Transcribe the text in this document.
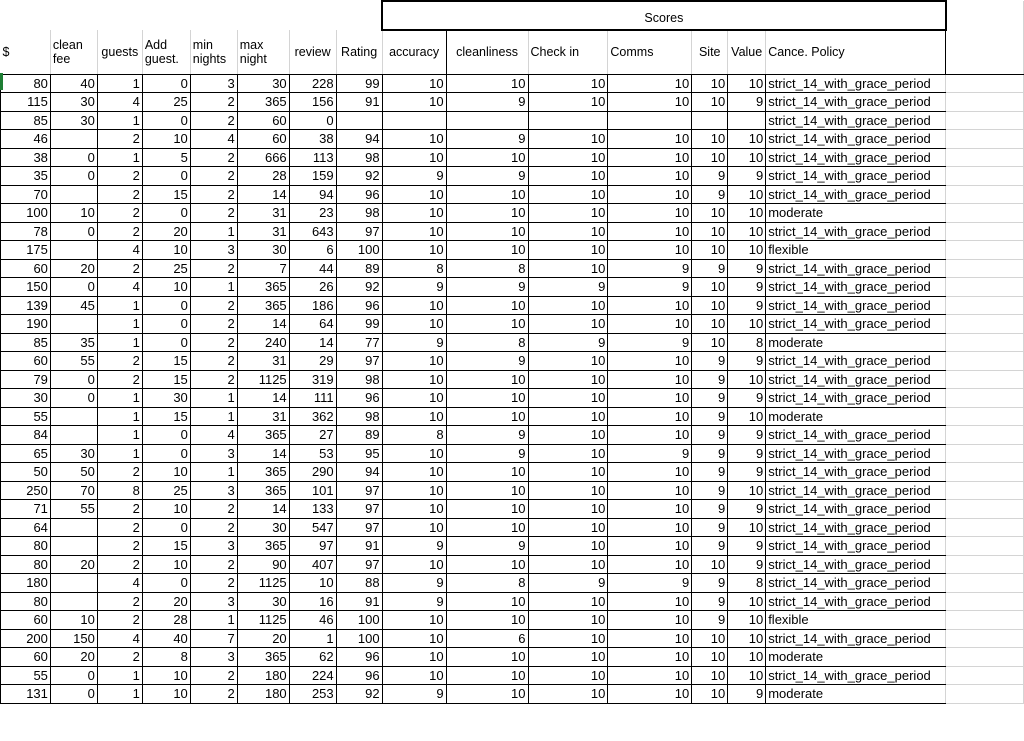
								Scores							
$	clean fee	guests	Add guest.	min nights	max night	review	Rating	accuracy	cleanliness	Check in	Comms	Site	Value	Cance. Policy	
80	40	1	0	3	30	228	99	10	10	10	10	10	10	strict_14_with_grace_period	
115	30	4	25	2	365	156	91	10	9	10	10	10	9	strict_14_with_grace_period	
85	30	1	0	2	60	0								strict_14_with_grace_period	
46		2	10	4	60	38	94	10	9	10	10	10	10	strict_14_with_grace_period	
38	0	1	5	2	666	113	98	10	10	10	10	10	10	strict_14_with_grace_period	
35	0	2	0	2	28	159	92	9	9	10	10	9	9	strict_14_with_grace_period	
70		2	15	2	14	94	96	10	10	10	10	9	10	strict_14_with_grace_period	
100	10	2	0	2	31	23	98	10	10	10	10	10	10	moderate	
78	0	2	20	1	31	643	97	10	10	10	10	10	10	strict_14_with_grace_period	
175		4	10	3	30	6	100	10	10	10	10	10	10	flexible	
60	20	2	25	2	7	44	89	8	8	10	9	9	9	strict_14_with_grace_period	
150	0	4	10	1	365	26	92	9	9	9	9	10	9	strict_14_with_grace_period	
139	45	1	0	2	365	186	96	10	10	10	10	10	9	strict_14_with_grace_period	
190		1	0	2	14	64	99	10	10	10	10	10	10	strict_14_with_grace_period	
85	35	1	0	2	240	14	77	9	8	9	9	10	8	moderate	
60	55	2	15	2	31	29	97	10	9	10	10	9	9	strict_14_with_grace_period	
79	0	2	15	2	1125	319	98	10	10	10	10	9	10	strict_14_with_grace_period	
30	0	1	30	1	14	111	96	10	10	10	10	9	9	strict_14_with_grace_period	
55		1	15	1	31	362	98	10	10	10	10	9	10	moderate	
84		1	0	4	365	27	89	8	9	10	10	9	9	strict_14_with_grace_period	
65	30	1	0	3	14	53	95	10	9	10	9	9	9	strict_14_with_grace_period	
50	50	2	10	1	365	290	94	10	10	10	10	9	9	strict_14_with_grace_period	
250	70	8	25	3	365	101	97	10	10	10	10	9	10	strict_14_with_grace_period	
71	55	2	10	2	14	133	97	10	10	10	10	9	9	strict_14_with_grace_period	
64		2	0	2	30	547	97	10	10	10	10	9	10	strict_14_with_grace_period	
80		2	15	3	365	97	91	9	9	10	10	9	9	strict_14_with_grace_period	
80	20	2	10	2	90	407	97	10	10	10	10	10	9	strict_14_with_grace_period	
180		4	0	2	1125	10	88	9	8	9	9	9	8	strict_14_with_grace_period	
80		2	20	3	30	16	91	9	10	10	10	9	10	strict_14_with_grace_period	
60	10	2	28	1	1125	46	100	10	10	10	10	9	10	flexible	
200	150	4	40	7	20	1	100	10	6	10	10	10	10	strict_14_with_grace_period	
60	20	2	8	3	365	62	96	10	10	10	10	10	10	moderate	
55	0	1	10	2	180	224	96	10	10	10	10	10	10	strict_14_with_grace_period	
131	0	1	10	2	180	253	92	9	10	10	10	10	9	moderate	
